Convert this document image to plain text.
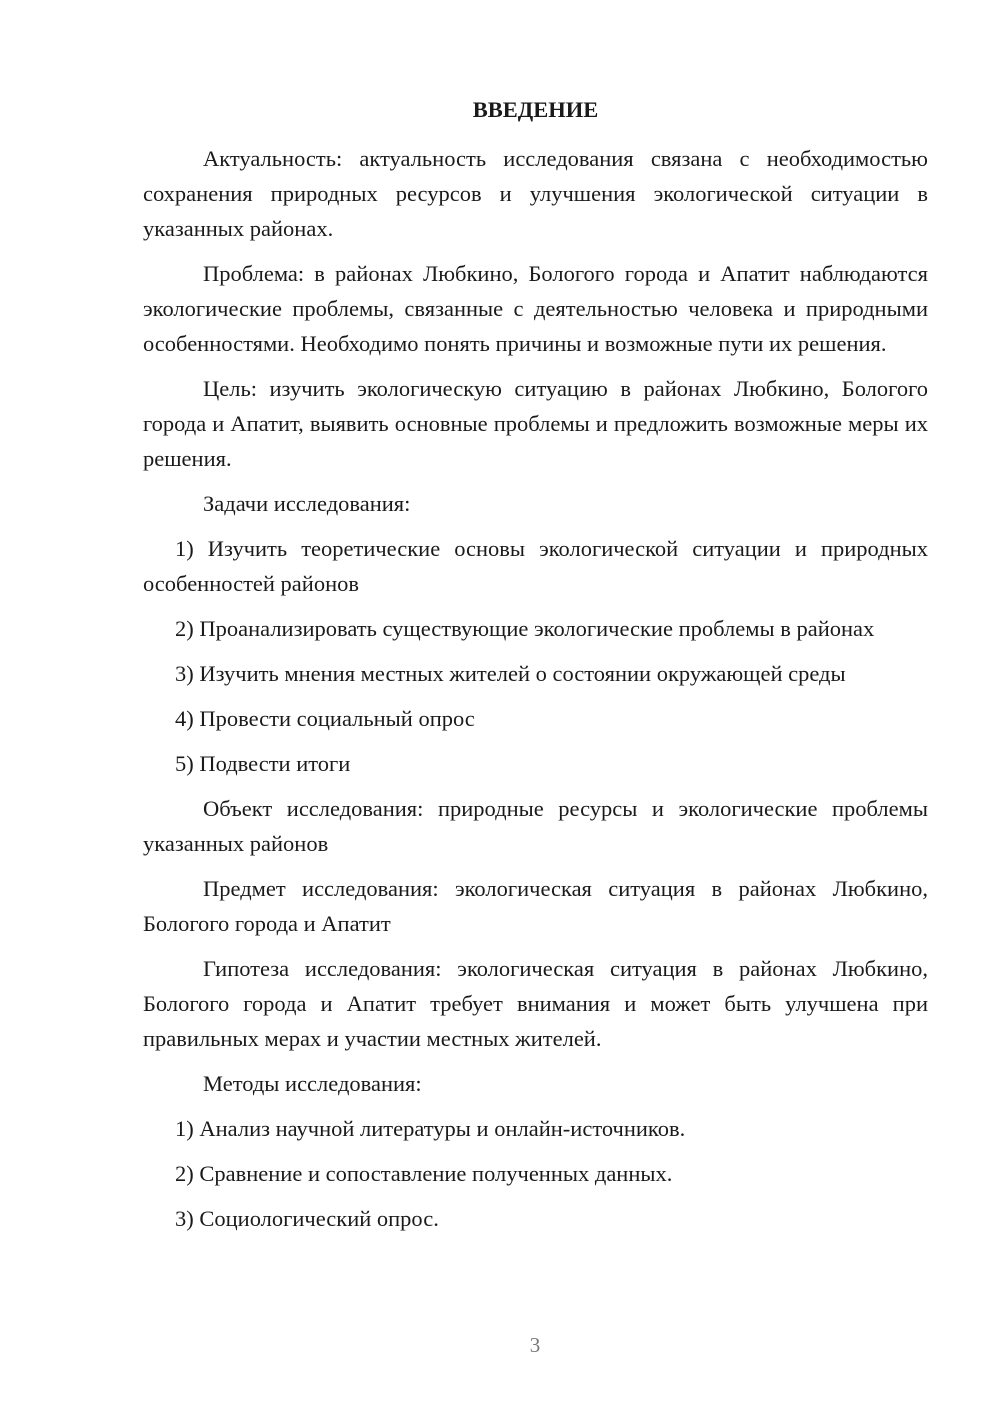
ВВЕДЕНИЕ

Актуальность: актуальность исследования связана с необходимостью сохранения природных ресурсов и улучшения экологической ситуации в указанных районах.

Проблема: в районах Любкино, Бологого города и Апатит наблюдаются экологические проблемы, связанные с деятельностью человека и природными особенностями. Необходимо понять причины и возможные пути их решения.

Цель: изучить экологическую ситуацию в районах Любкино, Бологого города и Апатит, выявить основные проблемы и предложить возможные меры их решения.

Задачи исследования:

1) Изучить теоретические основы экологической ситуации и природных особенностей районов

2) Проанализировать существующие экологические проблемы в районах

3) Изучить мнения местных жителей о состоянии окружающей среды

4) Провести социальный опрос

5) Подвести итоги

Объект исследования: природные ресурсы и экологические проблемы указанных районов

Предмет исследования: экологическая ситуация в районах Любкино, Бологого города и Апатит

Гипотеза исследования: экологическая ситуация в районах Любкино, Бологого города и Апатит требует внимания и может быть улучшена при правильных мерах и участии местных жителей.

Методы исследования:

1) Анализ научной литературы и онлайн-источников.

2) Сравнение и сопоставление полученных данных.

3) Социологический опрос.

3
